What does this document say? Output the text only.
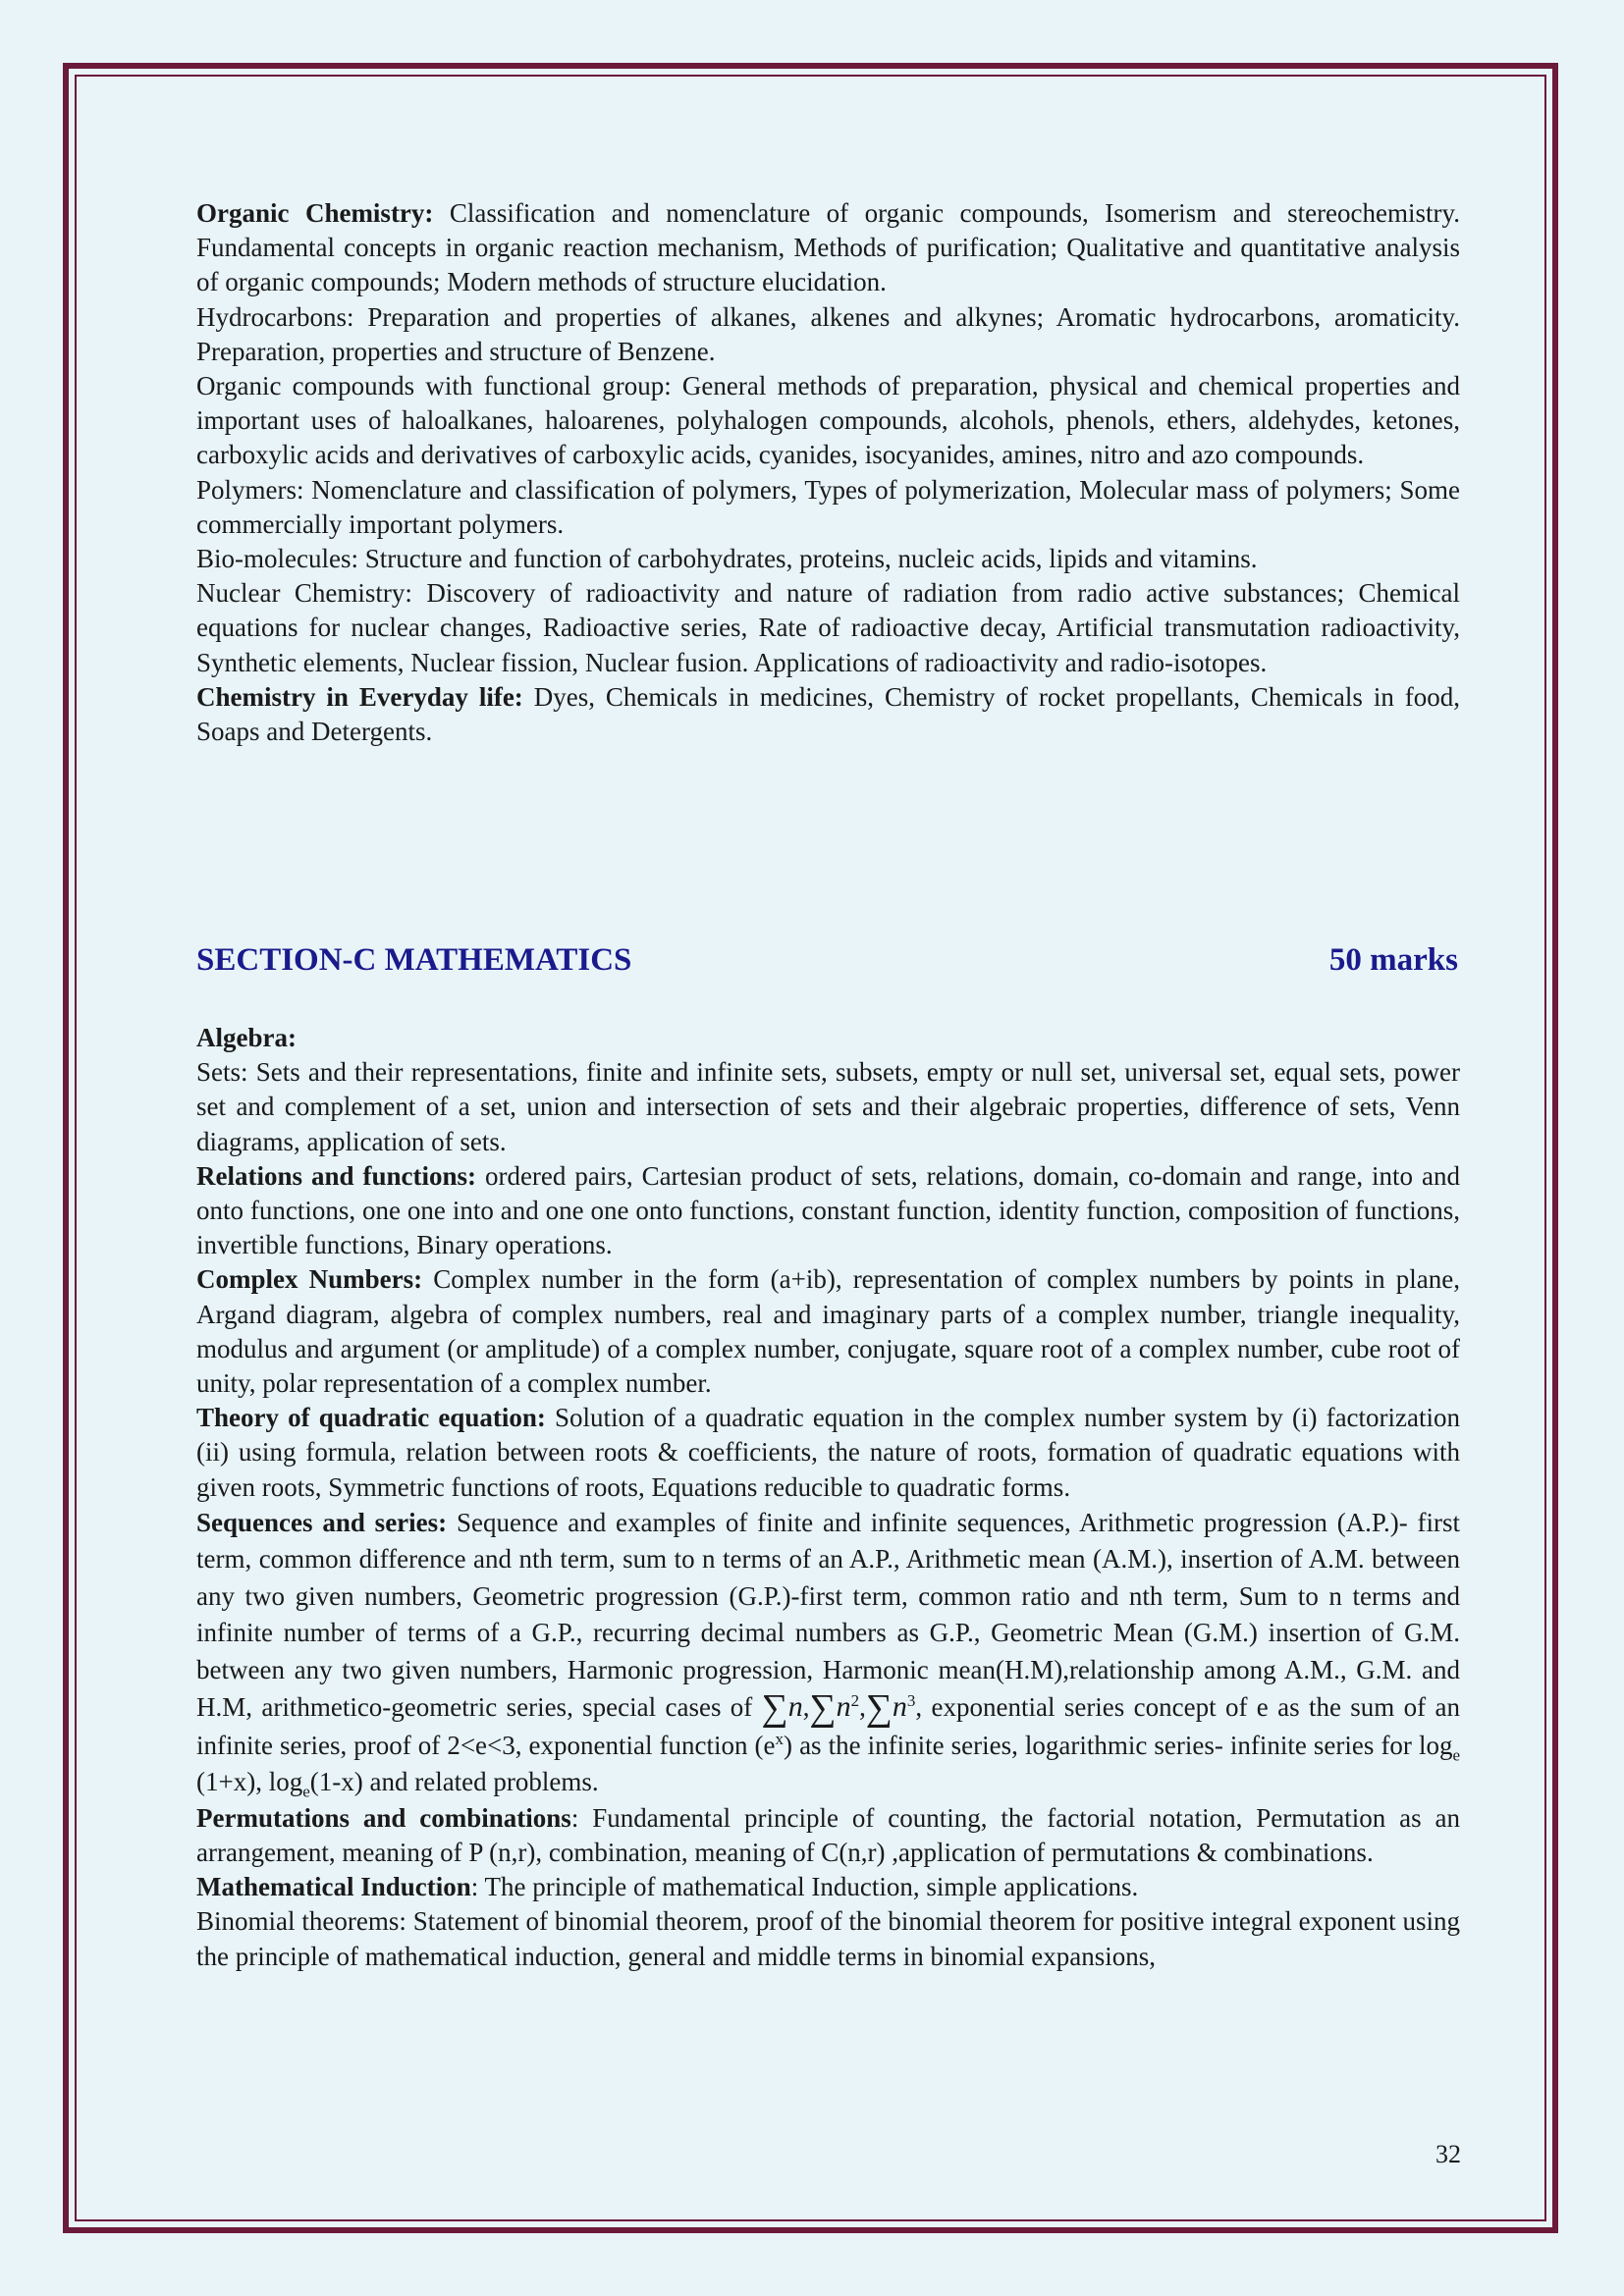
Organic Chemistry: Classification and nomenclature of organic compounds, Isomerism and stereochemistry. Fundamental concepts in organic reaction mechanism, Methods of purification; Qualitative and quantitative analysis of organic compounds; Modern methods of structure elucidation.

Hydrocarbons: Preparation and properties of alkanes, alkenes and alkynes; Aromatic hydrocarbons, aromaticity. Preparation, properties and structure of Benzene.

Organic compounds with functional group: General methods of preparation, physical and chemical properties and important uses of haloalkanes, haloarenes, polyhalogen compounds, alcohols, phenols, ethers, aldehydes, ketones, carboxylic acids and derivatives of carboxylic acids, cyanides, isocyanides, amines, nitro and azo compounds.

Polymers: Nomenclature and classification of polymers, Types of polymerization, Molecular mass of polymers; Some commercially important polymers.

Bio-molecules: Structure and function of carbohydrates, proteins, nucleic acids, lipids and vitamins.

Nuclear Chemistry: Discovery of radioactivity and nature of radiation from radio active substances; Chemical equations for nuclear changes, Radioactive series, Rate of radioactive decay, Artificial transmutation radioactivity, Synthetic elements, Nuclear fission, Nuclear fusion. Applications of radioactivity and radio-isotopes.

Chemistry in Everyday life: Dyes, Chemicals in medicines, Chemistry of rocket propellants, Chemicals in food, Soaps and Detergents.

SECTION-C MATHEMATICS	50 marks

Algebra:

Sets: Sets and their representations, finite and infinite sets, subsets, empty or null set, universal set, equal sets, power set and complement of a set, union and intersection of sets and their algebraic properties, difference of sets, Venn diagrams, application of sets.

Relations and functions: ordered pairs, Cartesian product of sets, relations, domain, co-domain and range, into and onto functions, one one into and one one onto functions, constant function, identity function, composition of functions, invertible functions, Binary operations.

Complex Numbers: Complex number in the form (a+ib), representation of complex numbers by points in plane, Argand diagram, algebra of complex numbers, real and imaginary parts of a complex number, triangle inequality, modulus and argument (or amplitude) of a complex number, conjugate, square root of a complex number, cube root of unity, polar representation of a complex number.

Theory of quadratic equation: Solution of a quadratic equation in the complex number system by (i) factorization (ii) using formula, relation between roots & coefficients, the nature of roots, formation of quadratic equations with given roots, Symmetric functions of roots, Equations reducible to quadratic forms.

Sequences and series: Sequence and examples of finite and infinite sequences, Arithmetic progression (A.P.)- first term, common difference and nth term, sum to n terms of an A.P., Arithmetic mean (A.M.), insertion of A.M. between any two given numbers, Geometric progression (G.P.)-first term, common ratio and nth term, Sum to n terms and infinite number of terms of a G.P., recurring decimal numbers as G.P., Geometric Mean (G.M.) insertion of G.M. between any two given numbers, Harmonic progression, Harmonic mean(H.M),relationship among A.M., G.M. and H.M, arithmetico-geometric series, special cases of $\sum n,\sum n^2,\sum n^3$, exponential series concept of e as the sum of an infinite series, proof of 2<e<3, exponential function $(e^x)$ as the infinite series, logarithmic series- infinite series for $\log_e (1+x)$, $\log_e(1-x)$ and related problems.

Permutations and combinations: Fundamental principle of counting, the factorial notation, Permutation as an arrangement, meaning of P (n,r), combination, meaning of C(n,r) ,application of permutations & combinations.

Mathematical Induction: The principle of mathematical Induction, simple applications.

Binomial theorems: Statement of binomial theorem, proof of the binomial theorem for positive integral exponent using the principle of mathematical induction, general and middle terms in binomial expansions,

32
